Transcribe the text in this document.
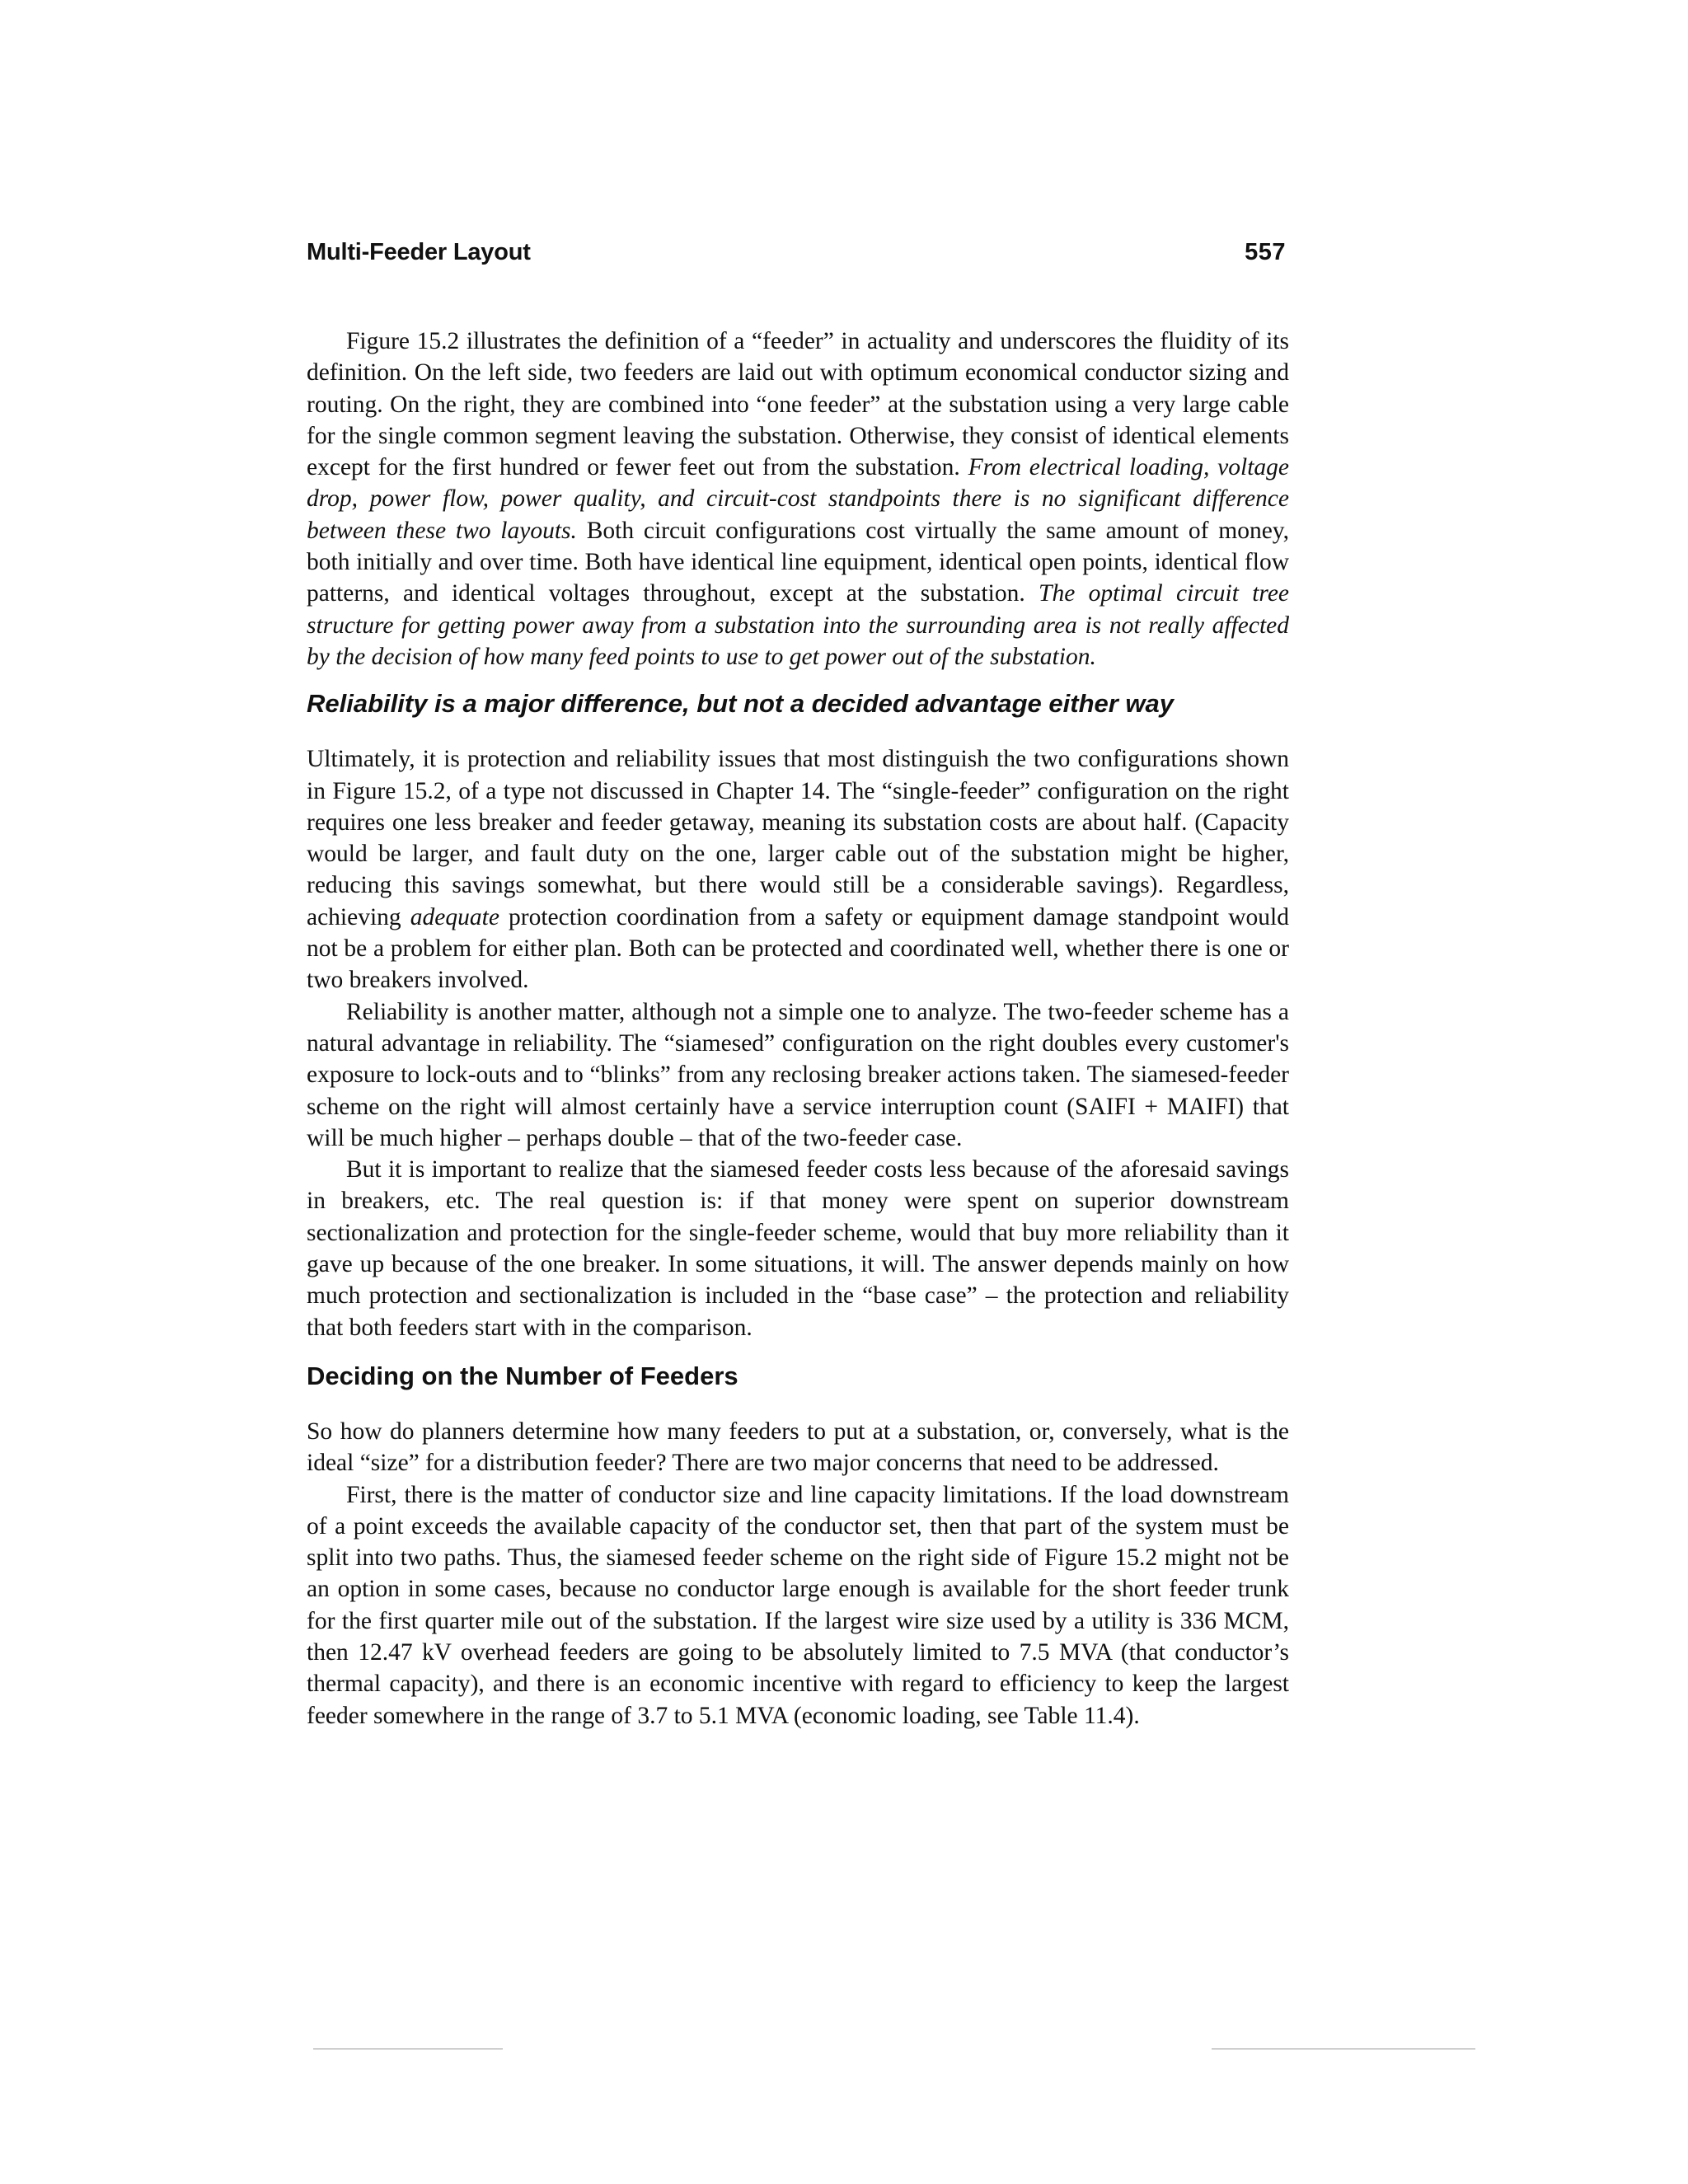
Multi-Feeder Layout	557

Figure 15.2 illustrates the definition of a “feeder” in actuality and underscores the fluidity of its definition. On the left side, two feeders are laid out with optimum economical conductor sizing and routing. On the right, they are combined into “one feeder” at the substation using a very large cable for the single common segment leaving the substation. Otherwise, they consist of identical elements except for the first hundred or fewer feet out from the substation. From electrical loading, voltage drop, power flow, power quality, and circuit-cost standpoints there is no significant difference between these two layouts. Both circuit configurations cost virtually the same amount of money, both initially and over time. Both have identical line equipment, identical open points, identical flow patterns, and identical voltages throughout, except at the substation. The optimal circuit tree structure for getting power away from a substation into the surrounding area is not really affected by the decision of how many feed points to use to get power out of the substation.

Reliability is a major difference, but not a decided advantage either way

Ultimately, it is protection and reliability issues that most distinguish the two configurations shown in Figure 15.2, of a type not discussed in Chapter 14. The “single-feeder” configuration on the right requires one less breaker and feeder getaway, meaning its substation costs are about half. (Capacity would be larger, and fault duty on the one, larger cable out of the substation might be higher, reducing this savings somewhat, but there would still be a considerable savings). Regardless, achieving adequate protection coordination from a safety or equipment damage standpoint would not be a problem for either plan. Both can be protected and coordinated well, whether there is one or two breakers involved.

Reliability is another matter, although not a simple one to analyze. The two-feeder scheme has a natural advantage in reliability. The “siamesed” configuration on the right doubles every customer's exposure to lock-outs and to “blinks” from any reclosing breaker actions taken. The siamesed-feeder scheme on the right will almost certainly have a service interruption count (SAIFI + MAIFI) that will be much higher – perhaps double – that of the two-feeder case.

But it is important to realize that the siamesed feeder costs less because of the aforesaid savings in breakers, etc. The real question is: if that money were spent on superior downstream sectionalization and protection for the single-feeder scheme, would that buy more reliability than it gave up because of the one breaker. In some situations, it will. The answer depends mainly on how much protection and sectionalization is included in the “base case” – the protection and reliability that both feeders start with in the comparison.

Deciding on the Number of Feeders

So how do planners determine how many feeders to put at a substation, or, conversely, what is the ideal “size” for a distribution feeder? There are two major concerns that need to be addressed.

First, there is the matter of conductor size and line capacity limitations. If the load downstream of a point exceeds the available capacity of the conductor set, then that part of the system must be split into two paths. Thus, the siamesed feeder scheme on the right side of Figure 15.2 might not be an option in some cases, because no conductor large enough is available for the short feeder trunk for the first quarter mile out of the substation. If the largest wire size used by a utility is 336 MCM, then 12.47 kV overhead feeders are going to be absolutely limited to 7.5 MVA (that conductor’s thermal capacity), and there is an economic incentive with regard to efficiency to keep the largest feeder somewhere in the range of 3.7 to 5.1 MVA (economic loading, see Table 11.4).
